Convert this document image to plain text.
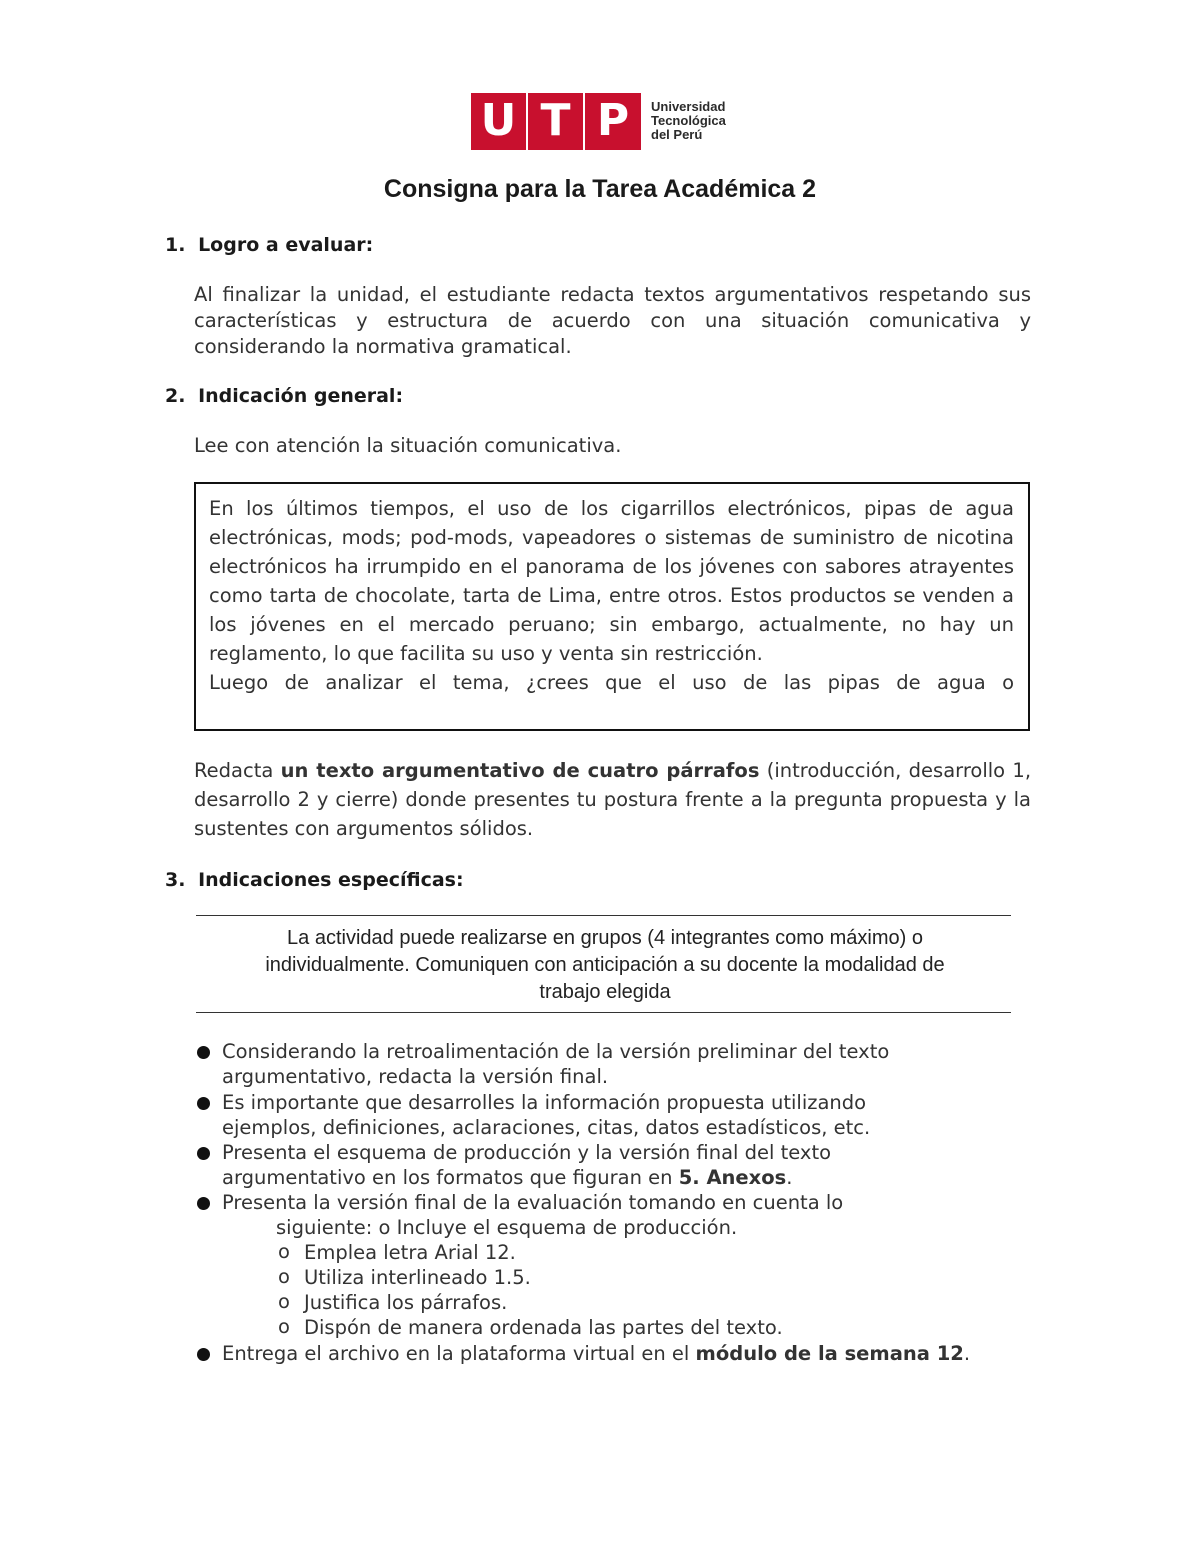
U T P	Universidad
Tecnológica
del Perú
Consigna para la Tarea Académica 2
1. Logro a evaluar:
Al finalizar la unidad, el estudiante redacta textos argumentativos respetando sus características y estructura de acuerdo con una situación comunicativa y considerando la normativa gramatical.
2. Indicación general:
Lee con atención la situación comunicativa.
En los últimos tiempos, el uso de los cigarrillos electrónicos, pipas de agua electrónicas, mods; pod-mods, vapeadores o sistemas de suministro de nicotina electrónicos ha irrumpido en el panorama de los jóvenes con sabores atrayentes como tarta de chocolate, tarta de Lima, entre otros. Estos productos se venden a los jóvenes en el mercado peruano; sin embargo, actualmente, no hay un reglamento, lo que facilita su uso y venta sin restricción.
Luego de analizar el tema, ¿crees que el uso de las pipas de agua o
Redacta un texto argumentativo de cuatro párrafos (introducción, desarrollo 1, desarrollo 2 y cierre) donde presentes tu postura frente a la pregunta propuesta y la sustentes con argumentos sólidos.
3. Indicaciones específicas:
La actividad puede realizarse en grupos (4 integrantes como máximo) o
individualmente. Comuniquen con anticipación a su docente la modalidad de
trabajo elegida
Considerando la retroalimentación de la versión preliminar del texto
argumentativo, redacta la versión final.
Es importante que desarrolles la información propuesta utilizando
ejemplos, definiciones, aclaraciones, citas, datos estadísticos, etc.
Presenta el esquema de producción y la versión final del texto
argumentativo en los formatos que figuran en 5. Anexos.
Presenta la versión final de la evaluación tomando en cuenta lo
siguiente: o Incluye el esquema de producción.
o Emplea letra Arial 12.
o Utiliza interlineado 1.5.
o Justifica los párrafos.
o Dispón de manera ordenada las partes del texto.
Entrega el archivo en la plataforma virtual en el módulo de la semana 12.
